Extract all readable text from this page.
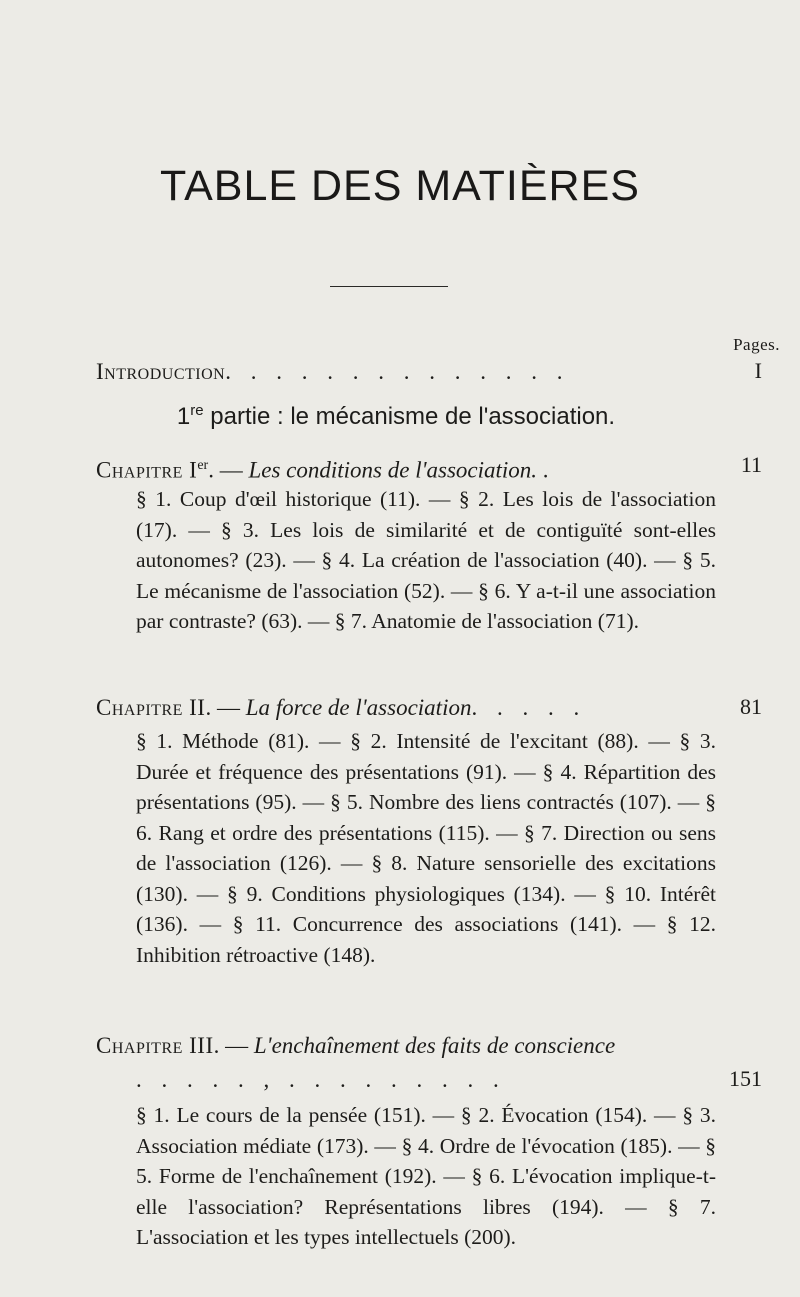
TABLE DES MATIÈRES
Pages.
Introduction. . . . . . . . . . . . . .	I
1re partie : le mécanisme de l'association.
Chapitre Ier. — Les conditions de l'association. .	11
§ 1. Coup d'œil historique (11). — § 2. Les lois de l'association (17). — § 3. Les lois de similarité et de contiguïté sont-elles autonomes? (23). — § 4. La création de l'association (40). — § 5. Le mécanisme de l'association (52). — § 6. Y a-t-il une association par contraste? (63). — § 7. Anatomie de l'association (71).
Chapitre II. — La force de l'association. . . . .	81
§ 1. Méthode (81). — § 2. Intensité de l'excitant (88). — § 3. Durée et fréquence des présentations (91). — § 4. Répartition des présentations (95). — § 5. Nombre des liens contractés (107). — § 6. Rang et ordre des présentations (115). — § 7. Direction ou sens de l'association (126). — § 8. Nature sensorielle des excitations (130). — § 9. Conditions physiologiques (134). — § 10. Intérêt (136). — § 11. Concurrence des associations (141). — § 12. Inhibition rétroactive (148).
Chapitre III. — L'enchaînement des faits de conscience
. . . . . , . . . . . . . . .	151
§ 1. Le cours de la pensée (151). — § 2. Évocation (154). — § 3. Association médiate (173). — § 4. Ordre de l'évocation (185). — § 5. Forme de l'enchaînement (192). — § 6. L'évocation implique-t-elle l'association? Représentations libres (194). — § 7. L'association et les types intellectuels (200).
